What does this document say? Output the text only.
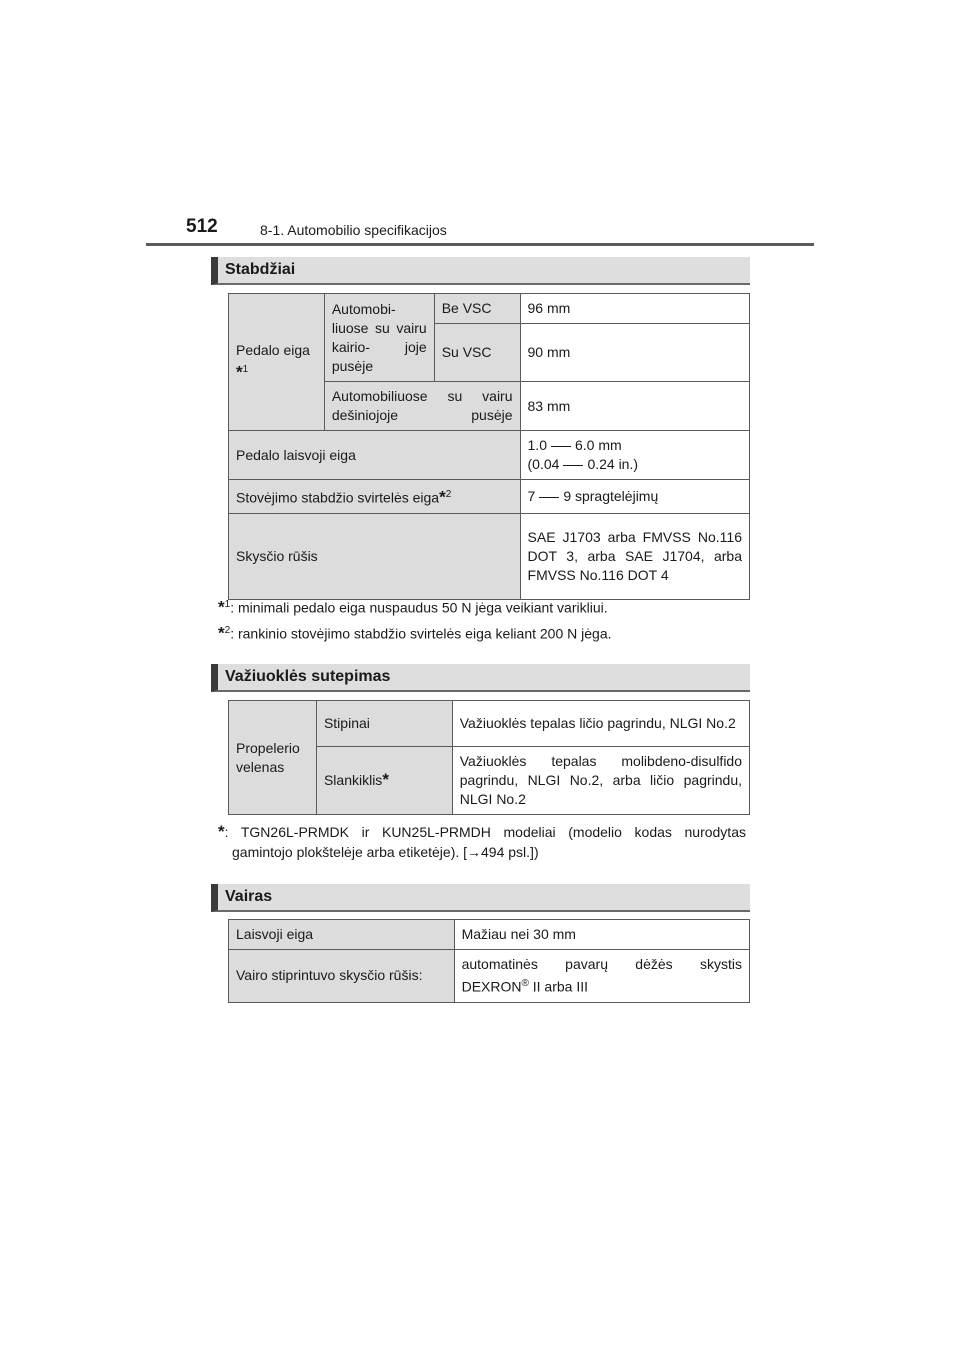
512	8-1. Automobilio specifikacijos
Stabdžiai
Pedalo eiga *$^1$	Automobi- liuose su vairu kairio- joje pusėje	Be VSC	96 mm
		Su VSC	90 mm
	Automobiliuose su vairu dešiniojoje pusėje		83 mm
Pedalo laisvoji eiga			1.0 6.0 mm
(0.04 0.24 in.)
Stovėjimo stabdžio svirtelės eiga*$^2$			7 9 spragtelėjimų
Skysčio rūšis			SAE J1703 arba FMVSS No.116 DOT 3, arba SAE J1704, arba FMVSS No.116 DOT 4
*$^1$: minimali pedalo eiga nuspaudus 50 N jėga veikiant varikliui.
*$^2$: rankinio stovėjimo stabdžio svirtelės eiga keliant 200 N jėga.
Važiuoklės sutepimas
Propelerio velenas	Stipinai	Važiuoklės tepalas ličio pagrindu, NLGI No.2
	Slankiklis*	Važiuoklės tepalas molibdeno-disulfido pagrindu, NLGI No.2, arba ličio pagrindu, NLGI No.2
*: TGN26L-PRMDK ir KUN25L-PRMDH modeliai (modelio kodas nurodytas gamintojo plokštelėje arba etiketėje). [→494 psl.])
Vairas
Laisvoji eiga	Mažiau nei 30 mm
Vairo stiprintuvo skysčio rūšis:	automatinės pavarų dėžės skystis
DEXRON® II arba III
